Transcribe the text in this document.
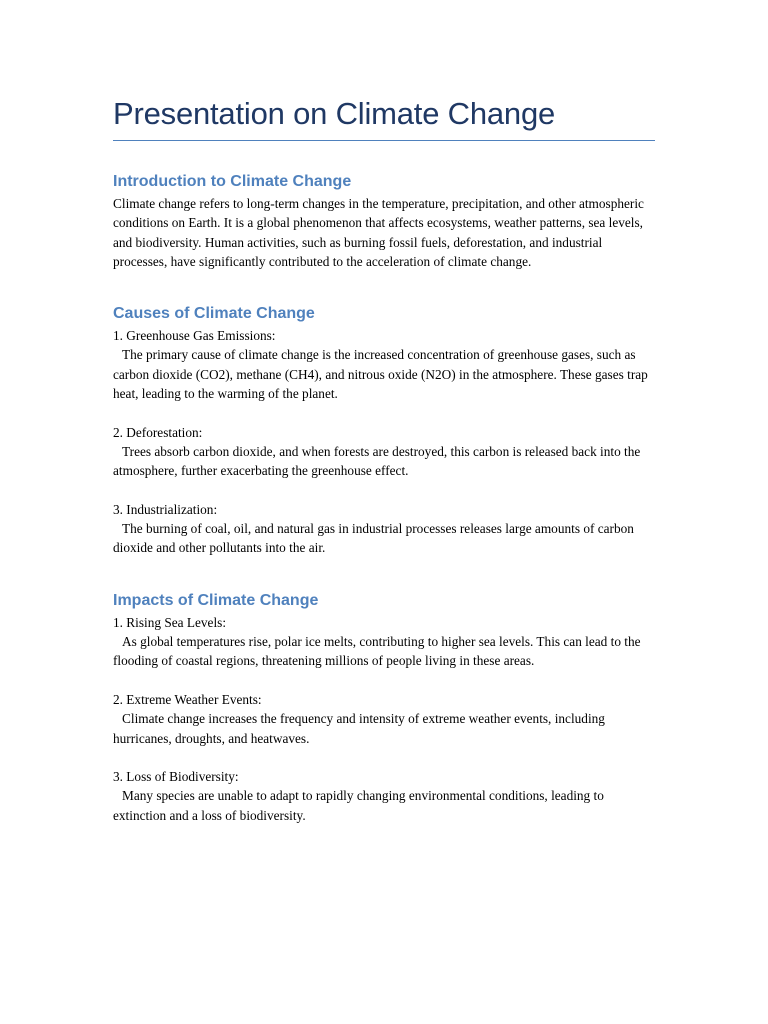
Presentation on Climate Change
Introduction to Climate Change

Climate change refers to long-term changes in the temperature, precipitation, and other atmospheric conditions on Earth. It is a global phenomenon that affects ecosystems, weather patterns, sea levels, and biodiversity. Human activities, such as burning fossil fuels, deforestation, and industrial processes, have significantly contributed to the acceleration of climate change.

Causes of Climate Change
1. Greenhouse Gas Emissions:
The primary cause of climate change is the increased concentration of greenhouse gases, such as carbon dioxide (CO2), methane (CH4), and nitrous oxide (N2O) in the atmosphere. These gases trap heat, leading to the warming of the planet.
2. Deforestation:
Trees absorb carbon dioxide, and when forests are destroyed, this carbon is released back into the atmosphere, further exacerbating the greenhouse effect.
3. Industrialization:
The burning of coal, oil, and natural gas in industrial processes releases large amounts of carbon dioxide and other pollutants into the air.
Impacts of Climate Change
1. Rising Sea Levels:
As global temperatures rise, polar ice melts, contributing to higher sea levels. This can lead to the flooding of coastal regions, threatening millions of people living in these areas.
2. Extreme Weather Events:
Climate change increases the frequency and intensity of extreme weather events, including hurricanes, droughts, and heatwaves.
3. Loss of Biodiversity:
Many species are unable to adapt to rapidly changing environmental conditions, leading to extinction and a loss of biodiversity.
